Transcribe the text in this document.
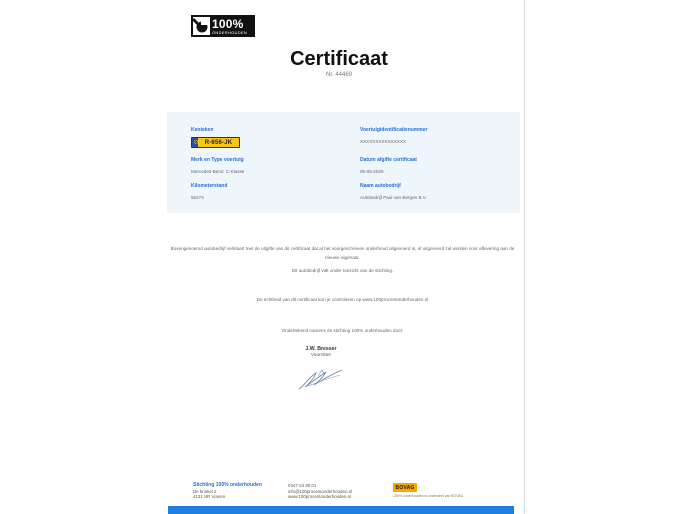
100%
ONDERHOUDEN
Certificaat
Nr. 44469
Kenteken
R-656-JK
Voertuigidentificatienummer
XXXXXXXXXXXXXXX
Merk en Type voertuig
Mercedes-Benz: C-Klasse
Datum afgifte certificaat
05-06-2025
Kilometerstand
55274
Naam autobedrijf
Autobedrijf Paul van Bergen B.V.
Bovengenoemd autobedrijf verklaart met de uitgifte van dit certificaat dat al het voorgeschreven onderhoud uitgevoerd is, of uitgevoerd zal worden voor aflevering aan de nieuwe eigenaar.
Dit autobedrijf valt onder toezicht van de stichting.
De echtheid van dit certificaat kun je controleren op www.100procentonderhouden.nl
Ondertekend namens de stichting 100% onderhouden door:
J.W. Bresser
Voorzitter
Stichting 100% onderhouden
De brinkel 2
4131 NR Vianen
0347-23 80 01
info@100procentonderhouden.nl
www.100procentonderhouden.nl
BOVAG
100% onderhouden is onderdeel van BOVAG
